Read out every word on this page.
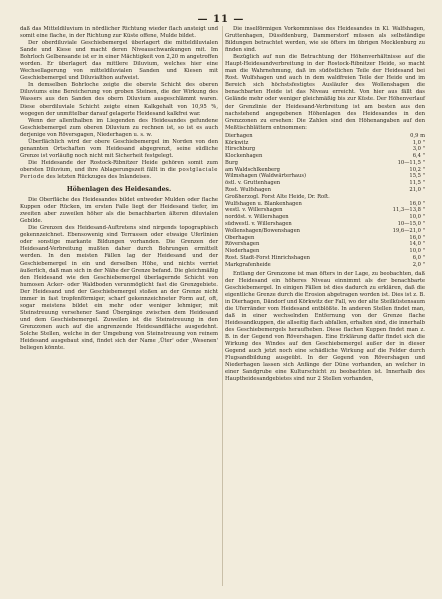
— 11 —

daß das Mitteldiluvium in nördlicher Richtung wieder flach ansteigt und somit eine flache, in der Richtung zur Küste offene, Mulde bildet.

Der oberdiluviale Geschiebemergel überlagert die mitteldiluvialen Sande und Kiese und macht deren Niveauschwankungen mit. Im Bohrloch Gelbensande ist er in einer Mächtigkeit von 2,20 m angetroffen worden. Er überlagert das mittlere Diluvium, welches hier eine Wechsellagerung von mitteldiluvialen Sanden und Kiesen mit Geschiebemergel und Diluvialthon aufweist.

In demselben Bohrloche zeigte die oberste Schicht des oberen Diluviums eine Bereicherung von groben Steinen, die der Wirkung des Wassers aus den Sanden des obern Diluvium ausgeschlämmt waren. Diese oberdiluviale Schicht zeigte einen Kalkgehalt von 10,95 %, wogegen der unmittelbar darauf gelagerte Heidesand kalkfrei war.

Wenn der allenthalben im Liegenden des Heidesandes gefundene Geschiebemergel zum oberen Diluvium zu rechnen ist, so ist es auch derjenige von Röversgagen, Niederhagen u. s. w.

Überflächlich wird der obere Geschiebemergel im Norden von den genannten Ortschaften vom Heidesand abgegrenzt, seine südliche Grenze ist vorläufig noch nicht mit Sicherheit festgelegt.

Die Heidesande der Rostock-Ribnitzer Heide gehören somit zum obersten Diluvium, und ihre Ablagerungszeit fällt in die postglaciale Periode des letzten Rückzuges des Inlandeises.

Höhenlagen des Heidesandes.

Die Oberfläche des Heidesandes bildet entweder Mulden oder flache Kuppen oder Rücken, im ersten Falle liegt der Heidesand tiefer, im zweiten aber zuweilen höher als die benachbarten älteren diluvialen Gebilde.

Die Grenzen des Heidesand-Auftretens sind nirgends topographisch gekennzeichnet. Ebensowenig sind Terrassen oder etwaige Uferlinien oder sonstige markante Bildungen vorhanden. Die Grenzen der Heidesand-Verbreitung mußten daher durch Bohrungen ermittelt werden. In den meisten Fällen lag der Heidesand und der Geschiebemergel in ein und derselben Höhe, und nichts verriet äußerlich, daß man sich in der Nähe der Grenze befand. Die gleichmäßig den Heidesand wie den Geschiebemergel überlagernde Schicht von humosen Acker- oder Waldboden verunmöglicht fast die Grenzgebiete. Der Heidesand und der Geschiebemergel stoßen an der Grenze nicht immer in fast tropfenförmiger, scharf gekennzeichneter Form auf, oft, sogar meistens bildet ein mehr oder weniger lehmiger, mit Steinstreuung versehener Sand Übergänge zwischen dem Heidesand und dem Geschiebemergel. Zuweilen ist die Steinstreuung in den Grenzzonen auch auf die angrenzende Heidesandfläche ausgedehnt. Solche Stellen, welche in der Umgebung von Steinstreuung von reinem Heidesand ausgebaut sind, findet sich der Name ,Üter' oder ,Wesenen' beliegen könnte.

Die inselförmigen Vorkommnisse des Heidesandes in Kl. Walfshagen, Gruttenhagen, Düssfdenburg, Dammerstorf müssen als selbständige Bildungen betrachtet werden, wie sie öfters im übrigen Mecklenburg zu finden sind.

Bezüglich auf nun die Betrachtung der Höhenverhältnisse auf die Haupt-Heidesandverbreitung in der Rostock-Ribnitzer Heide, so macht man die Wahrnehmung, daß im südöstlichen Teile der Heidesand bei Rost. Wulfshagen und auch in dem waldfreien Teile der Heide und im Bereich sich höchstsfestigtes Ausläufer des Wollenshagen die benachbarten Heide ist das Niveau erreicht. Von hier aus fällt das Gelände mehr oder weniger gleichmäßig bis zur Küste. Der Höhenverlauf der Grenzlinie der Heidesand-Verbreitung ist am besten aus den nachstehend angegebenen Höhenlagen des Heidesandes in den Grenzzonen zu ersehen: Die Zahlen sind den Höhenangaben auf den Meßtischblättern entnommen:

Dierhagen	0,9 m
Körkwitz	1,0 "
Hirschburg	3,0 "
Klockenhagen	6,4 "
Burg	10—11,5 "
am Waldschlkenberg	10,2 "
Wilmshagen (Waldwärterhaus)	15,5 "
östl. v. Gruttenhagen	11,5 "
Rost. Wulfshagen	21,0 "
Großherzogl. Forst Alte Heide, Dr. Roſt.	
Wulfshagen u. Blankenhagen	16,0 "
westl. v. Willershagen	11,3—13,8 "
nordöst. v. Willershagen	10,0 "
südwestl. v. Willershagen	10—15,0 "
Wollenshagen/Bowenshagen	19,6—21,0 "
Oberhagen	16,0 "
Rövershagen	14,0 "
Niederhagen	10,0 "
Rost. Stadt-Forst Hinrichshagen	6,0 "
Markgrafenheide	2,0 "

Entlang der Grenzzone ist man öfters in der Lage, zu beobachten, daß der Heidesand ein höheres Niveau einnimmt als der benachbarte Geschiebemergel. In einigen Fällen ist dies dadurch zu erklären, daß die eigentliche Grenze durch die Erosion abgetragen worden ist. Dies ist z. B. in Dierhagen, Dändorf und Körkwitz der Fall, wo der alte Steilküstensaum die Uferränder vom Heidesand entblößte. In anderen Stellen findet man, daß in einer wechselnden Entfernung von der Grenze flache Heidesandkuppen, die allseitig flach abfallen, erhalten sind, die innerhalb des Geschiebemergels heraufheben. Diese flachen Kuppen findet man z. B. in der Gegend von Rövershagen. Eine Erklärung dafür findet sich die Wirkung des Windes auf den Geschiebemergel außer der in dieser Gegend auch jetzt noch eine schädliche Wirkung auf die Felder durch Flugsandbildung ausgeübt. In der Gegend von Rövershagen und Niederhagen lassen sich Anfänge der Düne vorhanden, an welcher in einer Sandgrube eine Kulturschicht zu beobachten ist. Innerhalb des Hauptheidesandgebietes sind nur 2 Stellen vorhanden,
